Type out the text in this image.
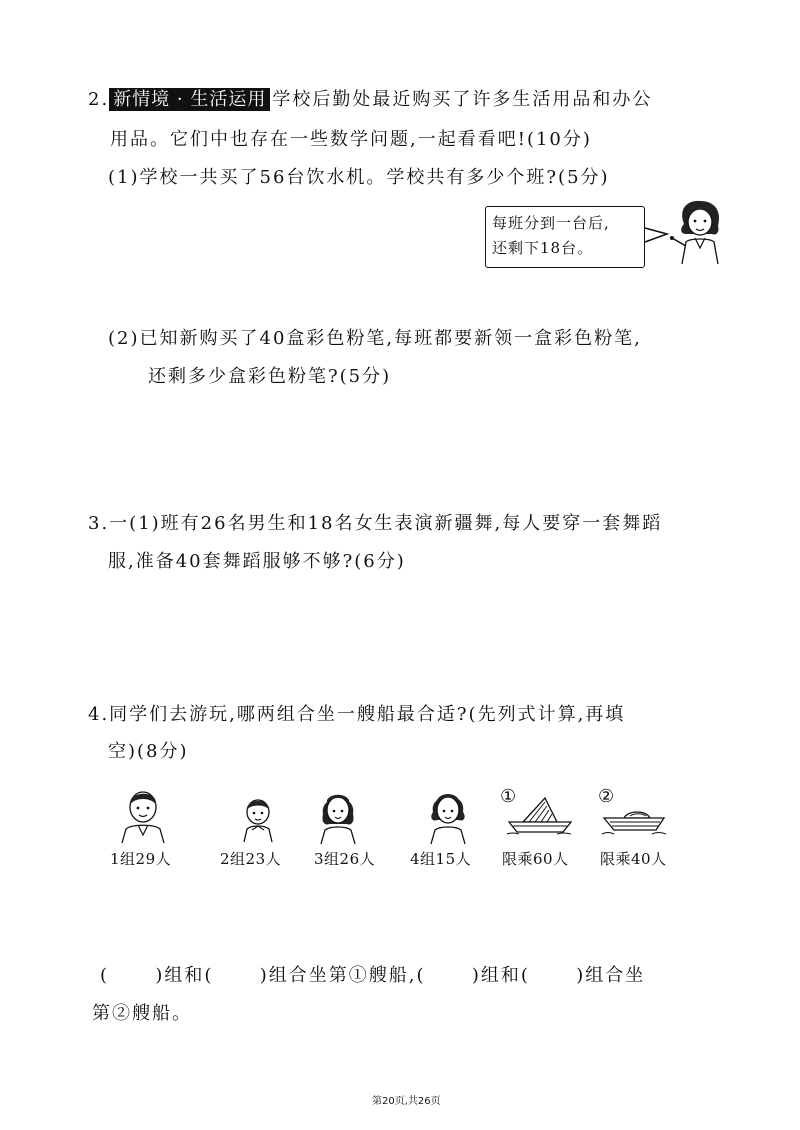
2. 新情境 · 生活运用 学校后勤处最近购买了许多生活用品和办公
用品。它们中也存在一些数学问题,一起看看吧!(10分)
(1)学校一共买了56台饮水机。学校共有多少个班?(5分)
每班分到一台后,
还剩下18台。
(2)已知新购买了40盒彩色粉笔,每班都要新领一盒彩色粉笔,
还剩多少盒彩色粉笔?(5分)
3.一(1)班有26名男生和18名女生表演新疆舞,每人要穿一套舞蹈
服,准备40套舞蹈服够不够?(6分)
4.同学们去游玩,哪两组合坐一艘船最合适?(先列式计算,再填
空)(8分)
1组29人	2组23人 3组26人 4组15人
①
限乘60人
②
限乘40人
(      )组和(      )组合坐第①艘船,(      )组和(      )组合坐
第②艘船。
第20页,共26页
